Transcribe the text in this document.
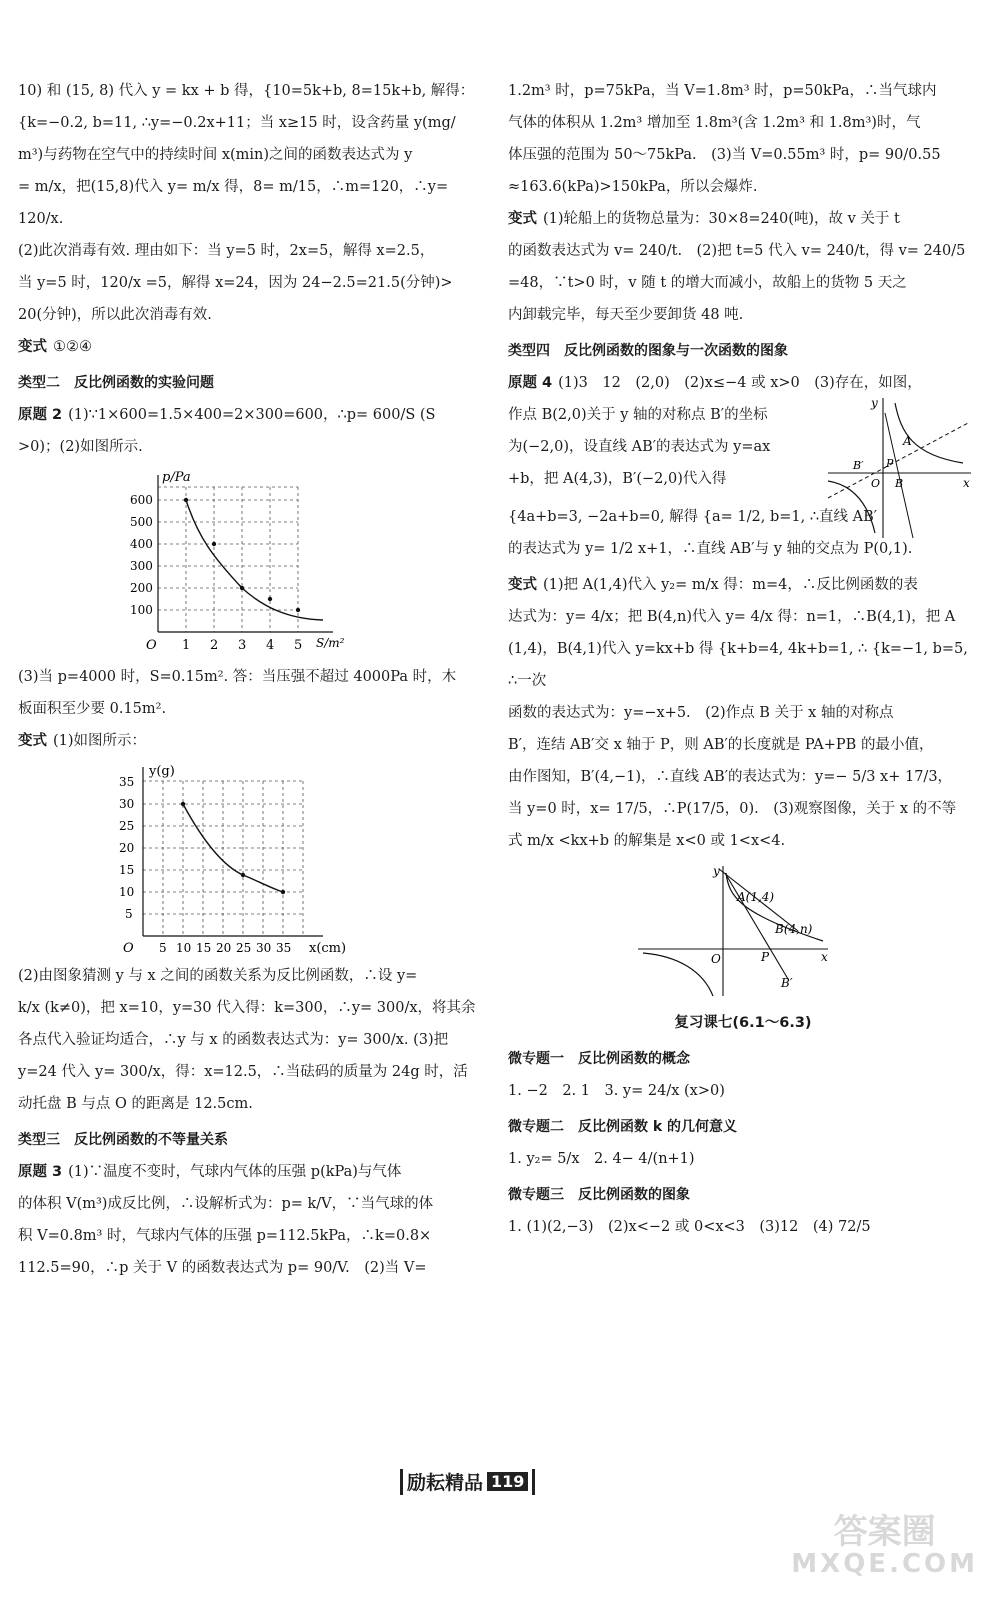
10) 和 (15, 8) 代入 y = kx + b 得，{10=5k+b, 8=15k+b, 解得：

{k=−0.2, b=11, ∴y=−0.2x+11；当 x≥15 时，设含药量 y(mg/

m³)与药物在空气中的持续时间 x(min)之间的函数表达式为 y

= m/x，把(15,8)代入 y= m/x 得，8= m/15，∴m=120，∴y= 120/x.

(2)此次消毒有效. 理由如下：当 y=5 时，2x=5，解得 x=2.5，

当 y=5 时，120/x =5，解得 x=24，因为 24−2.5=21.5(分钟)>

20(分钟)，所以此次消毒有效.

变式 ①②④

类型二　反比例函数的实验问题

原题 2 (1)∵1×600=1.5×400=2×300=600，∴p= 600/S (S

>0)；(2)如图所示.

p/Pa
S/m²
O 1 2 3 4 5
100
200
300
400
500
600

(3)当 p=4000 时，S=0.15m². 答：当压强不超过 4000Pa 时，木

板面积至少要 0.15m².

变式 (1)如图所示：

y(g)
x(cm)
O 5 10 15 20 25 30 35
5
10
15
20
25
30
35

(2)由图象猜测 y 与 x 之间的函数关系为反比例函数，∴设 y=

k/x (k≠0)，把 x=10，y=30 代入得：k=300，∴y= 300/x，将其余

各点代入验证均适合，∴y 与 x 的函数表达式为：y= 300/x. (3)把

y=24 代入 y= 300/x，得：x=12.5，∴当砝码的质量为 24g 时，活

动托盘 B 与点 O 的距离是 12.5cm.

类型三　反比例函数的不等量关系

原题 3 (1)∵温度不变时，气球内气体的压强 p(kPa)与气体

的体积 V(m³)成反比例，∴设解析式为：p= k/V，∵当气球的体

积 V=0.8m³ 时，气球内气体的压强 p=112.5kPa，∴k=0.8×

112.5=90，∴p 关于 V 的函数表达式为 p= 90/V.　(2)当 V=

1.2m³ 时，p=75kPa，当 V=1.8m³ 时，p=50kPa，∴当气球内

气体的体积从 1.2m³ 增加至 1.8m³(含 1.2m³ 和 1.8m³)时，气

体压强的范围为 50～75kPa.　(3)当 V=0.55m³ 时，p= 90/0.55

≈163.6(kPa)>150kPa，所以会爆炸.

变式 (1)轮船上的货物总量为：30×8=240(吨)，故 v 关于 t

的函数表达式为 v= 240/t.　(2)把 t=5 代入 v= 240/t，得 v= 240/5

=48，∵t>0 时，v 随 t 的增大而减小，故船上的货物 5 天之

内卸载完毕，每天至少要卸货 48 吨.

类型四　反比例函数的图象与一次函数的图象

原题 4 (1)3　12　(2,0)　(2)x≤−4 或 x>0　(3)存在，如图，

作点 B(2,0)关于 y 轴的对称点 B′的坐标

为(−2,0)，设直线 AB′的表达式为 y=ax

+b，把 A(4,3)，B′(−2,0)代入得

y
x
A
B′ P
O B

{4a+b=3, −2a+b=0, 解得 {a= 1/2, b=1, ∴直线 AB′

的表达式为 y= 1/2 x+1，∴直线 AB′与 y 轴的交点为 P(0,1).

变式 (1)把 A(1,4)代入 y₂= m/x 得：m=4，∴反比例函数的表

达式为：y= 4/x；把 B(4,n)代入 y= 4/x 得：n=1，∴B(4,1)，把 A

(1,4)，B(4,1)代入 y=kx+b 得 {k+b=4, 4k+b=1, ∴ {k=−1, b=5, ∴一次

函数的表达式为：y=−x+5.　(2)作点 B 关于 x 轴的对称点

B′，连结 AB′交 x 轴于 P，则 AB′的长度就是 PA+PB 的最小值，

由作图知，B′(4,−1)，∴直线 AB′的表达式为：y=− 5/3 x+ 17/3，

当 y=0 时，x= 17/5，∴P(17/5，0).　(3)观察图像，关于 x 的不等

式 m/x <kx+b 的解集是 x<0 或 1<x<4.

y
x
A(1,4)
B(4,n)
O	P
B′

复习课七(6.1～6.3)

微专题一　反比例函数的概念

1. −2　2. 1　3. y= 24/x (x>0)

微专题二　反比例函数 k 的几何意义

1. y₂= 5/x　2. 4− 4/(n+1)

微专题三　反比例函数的图象

1. (1)(2,−3)　(2)x<−2 或 0<x<3　(3)12　(4) 72/5

励耘精品 119
答案圈
MXQE.COM
